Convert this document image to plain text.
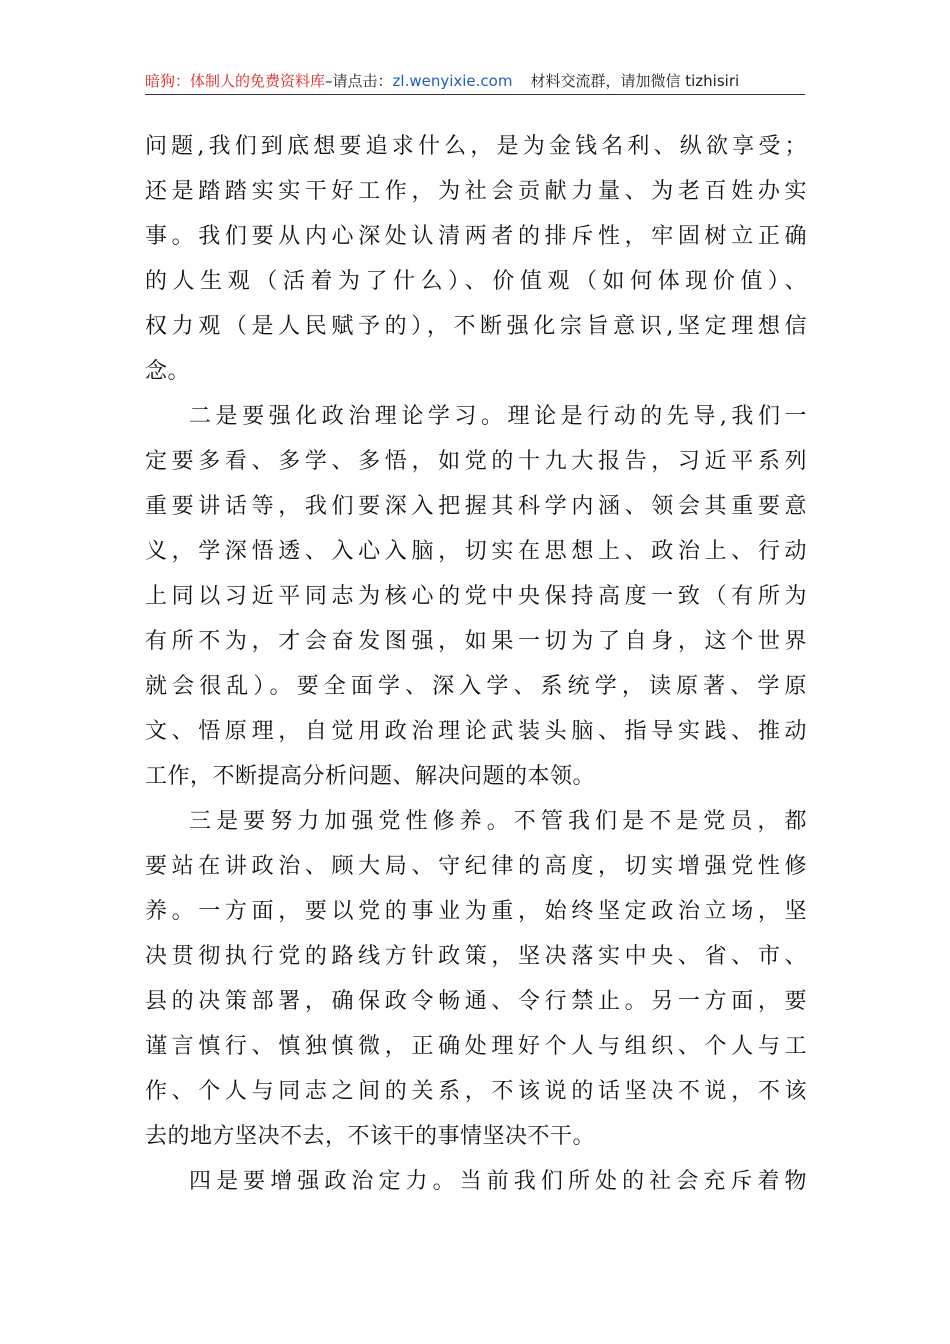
暗狗：体制人的免费资料库–请点击：zl.wenyixie.com 材料交流群，请加微信 tizhisiri
问题,我们到底想要追求什么，是为金钱名利、纵欲享受；
还是踏踏实实干好工作，为社会贡献力量、为老百姓办实
事。我们要从内心深处认清两者的排斥性，牢固树立正确
的人生观（活着为了什么）、价值观（如何体现价值）、
权力观（是人民赋予的），不断强化宗旨意识,坚定理想信
念。
二是要强化政治理论学习。理论是行动的先导,我们一
定要多看、多学、多悟，如党的十九大报告，习近平系列
重要讲话等，我们要深入把握其科学内涵、领会其重要意
义，学深悟透、入心入脑，切实在思想上、政治上、行动
上同以习近平同志为核心的党中央保持高度一致（有所为
有所不为，才会奋发图强，如果一切为了自身，这个世界
就会很乱）。要全面学、深入学、系统学，读原著、学原
文、悟原理，自觉用政治理论武装头脑、指导实践、推动
工作，不断提高分析问题、解决问题的本领。
三是要努力加强党性修养。不管我们是不是党员，都
要站在讲政治、顾大局、守纪律的高度，切实增强党性修
养。一方面，要以党的事业为重，始终坚定政治立场，坚
决贯彻执行党的路线方针政策，坚决落实中央、省、市、
县的决策部署，确保政令畅通、令行禁止。另一方面，要
谨言慎行、慎独慎微，正确处理好个人与组织、个人与工
作、个人与同志之间的关系，不该说的话坚决不说，不该
去的地方坚决不去，不该干的事情坚决不干。
四是要增强政治定力。当前我们所处的社会充斥着物
